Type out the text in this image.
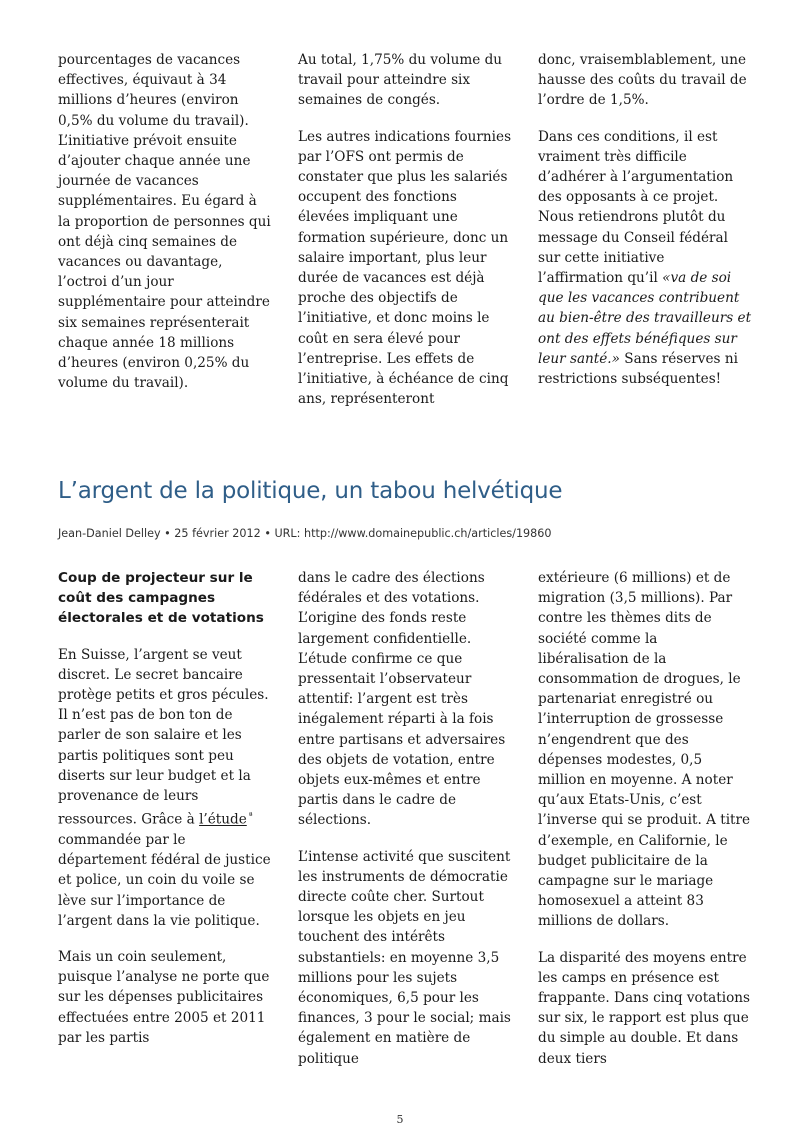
pourcentages de vacances effectives, équivaut à 34 millions d’heures (environ 0,5% du volume du travail). L’initiative prévoit ensuite d’ajouter chaque année une journée de vacances supplémentaires. Eu égard à la proportion de personnes qui ont déjà cinq semaines de vacances ou davantage, l’octroi d’un jour supplémentaire pour atteindre six semaines représenterait chaque année 18 millions d’heures (environ 0,25% du volume du travail).

Au total, 1,75% du volume du travail pour atteindre six semaines de congés.

Les autres indications fournies par l’OFS ont permis de constater que plus les salariés occupent des fonctions élevées impliquant une formation supérieure, donc un salaire important, plus leur durée de vacances est déjà proche des objectifs de l’initiative, et donc moins le coût en sera élevé pour l’entreprise. Les effets de l’initiative, à échéance de cinq ans, représenteront

donc, vraisemblablement, une hausse des coûts du travail de l’ordre de 1,5%.

Dans ces conditions, il est vraiment très difficile d’adhérer à l’argumentation des opposants à ce projet. Nous retiendrons plutôt du message du Conseil fédéral sur cette initiative l’affirmation qu’il «va de soi que les vacances contribuent au bien-être des travailleurs et ont des effets bénéfiques sur leur santé.» Sans réserves ni restrictions subséquentes!

L’argent de la politique, un tabou helvétique
Jean-Daniel Delley • 25 février 2012 • URL: http://www.domainepublic.ch/articles/19860
Coup de projecteur sur le coût des campagnes électorales et de votations

En Suisse, l’argent se veut discret. Le secret bancaire protège petits et gros pécules. Il n’est pas de bon ton de parler de son salaire et les partis politiques sont peu diserts sur leur budget et la provenance de leurs ressources. Grâce à l’étude $^ª$ commandée par le département fédéral de justice et police, un coin du voile se lève sur l’importance de l’argent dans la vie politique.

Mais un coin seulement, puisque l’analyse ne porte que sur les dépenses publicitaires effectuées entre 2005 et 2011 par les partis

dans le cadre des élections fédérales et des votations. L’origine des fonds reste largement confidentielle. L’étude confirme ce que pressentait l’observateur attentif: l’argent est très inégalement réparti à la fois entre partisans et adversaires des objets de votation, entre objets eux-mêmes et entre partis dans le cadre de sélections.

L’intense activité que suscitent les instruments de démocratie directe coûte cher. Surtout lorsque les objets en jeu touchent des intérêts substantiels: en moyenne 3,5 millions pour les sujets économiques, 6,5 pour les finances, 3 pour le social; mais également en matière de politique

extérieure (6 millions) et de migration (3,5 millions). Par contre les thèmes dits de société comme la libéralisation de la consommation de drogues, le partenariat enregistré ou l’interruption de grossesse n’engendrent que des dépenses modestes, 0,5 million en moyenne. A noter qu’aux Etats-Unis, c’est l’inverse qui se produit. A titre d’exemple, en Californie, le budget publicitaire de la campagne sur le mariage homosexuel a atteint 83 millions de dollars.

La disparité des moyens entre les camps en présence est frappante. Dans cinq votations sur six, le rapport est plus que du simple au double. Et dans deux tiers

5
